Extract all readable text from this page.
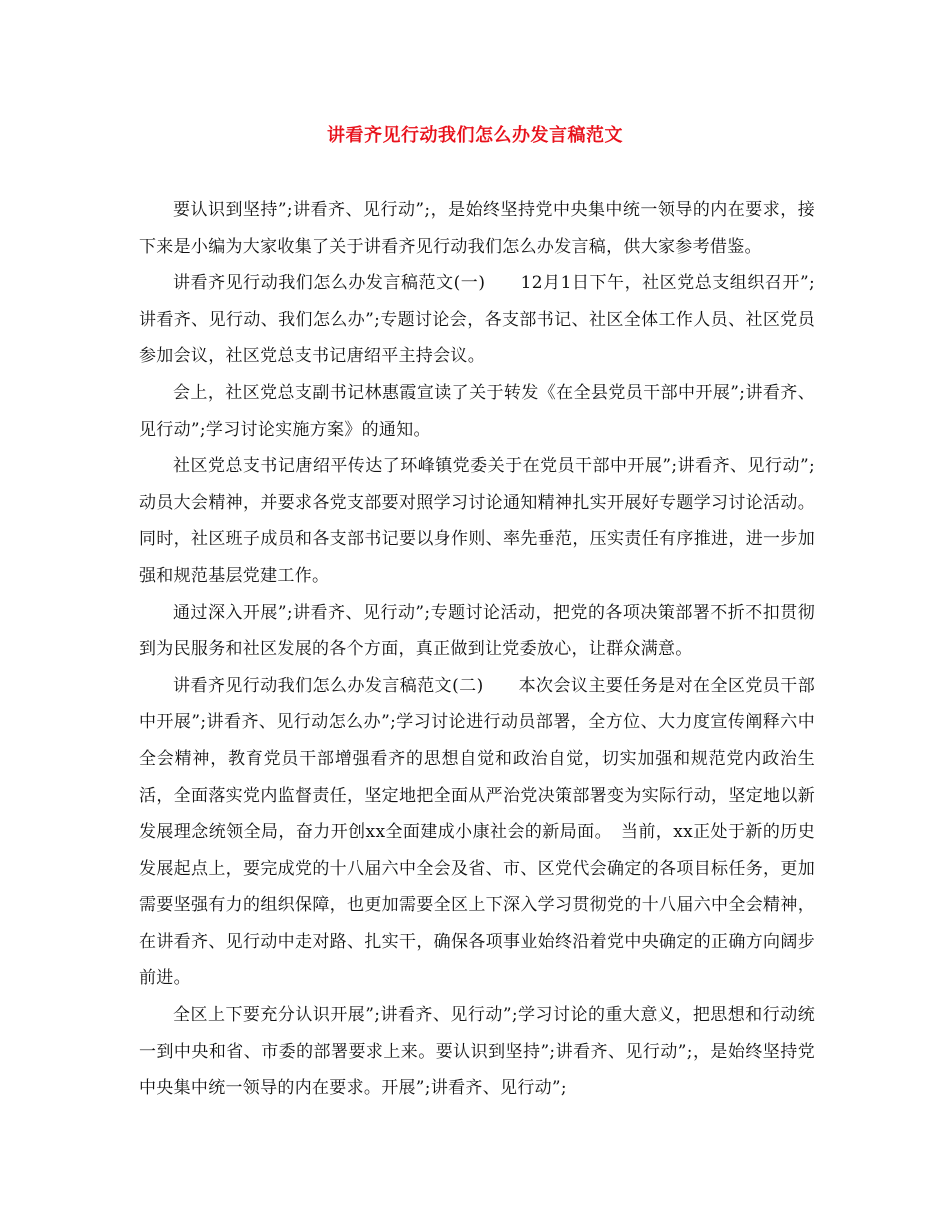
讲看齐见行动我们怎么办发言稿范文

要认识到坚持”;讲看齐、见行动”;，是始终坚持党中央集中统一领导的内在要求，接下来是小编为大家收集了关于讲看齐见行动我们怎么办发言稿，供大家参考借鉴。

讲看齐见行动我们怎么办发言稿范文(一)　　12月1日下午，社区党总支组织召开”;讲看齐、见行动、我们怎么办”;专题讨论会，各支部书记、社区全体工作人员、社区党员参加会议，社区党总支书记唐绍平主持会议。

会上，社区党总支副书记林惠霞宣读了关于转发《在全县党员干部中开展”;讲看齐、见行动”;学习讨论实施方案》的通知。

社区党总支书记唐绍平传达了环峰镇党委关于在党员干部中开展”;讲看齐、见行动”;动员大会精神，并要求各党支部要对照学习讨论通知精神扎实开展好专题学习讨论活动。同时，社区班子成员和各支部书记要以身作则、率先垂范，压实责任有序推进，进一步加强和规范基层党建工作。

通过深入开展”;讲看齐、见行动”;专题讨论活动，把党的各项决策部署不折不扣贯彻到为民服务和社区发展的各个方面，真正做到让党委放心，让群众满意。

讲看齐见行动我们怎么办发言稿范文(二)　　本次会议主要任务是对在全区党员干部中开展”;讲看齐、见行动怎么办”;学习讨论进行动员部署，全方位、大力度宣传阐释六中全会精神，教育党员干部增强看齐的思想自觉和政治自觉，切实加强和规范党内政治生活，全面落实党内监督责任，坚定地把全面从严治党决策部署变为实际行动，坚定地以新发展理念统领全局，奋力开创xx全面建成小康社会的新局面。　当前，xx正处于新的历史发展起点上，要完成党的十八届六中全会及省、市、区党代会确定的各项目标任务，更加需要坚强有力的组织保障，也更加需要全区上下深入学习贯彻党的十八届六中全会精神，在讲看齐、见行动中走对路、扎实干，确保各项事业始终沿着党中央确定的正确方向阔步前进。

全区上下要充分认识开展”;讲看齐、见行动”;学习讨论的重大意义，把思想和行动统一到中央和省、市委的部署要求上来。要认识到坚持”;讲看齐、见行动”;，是始终坚持党中央集中统一领导的内在要求。开展”;讲看齐、见行动”;
